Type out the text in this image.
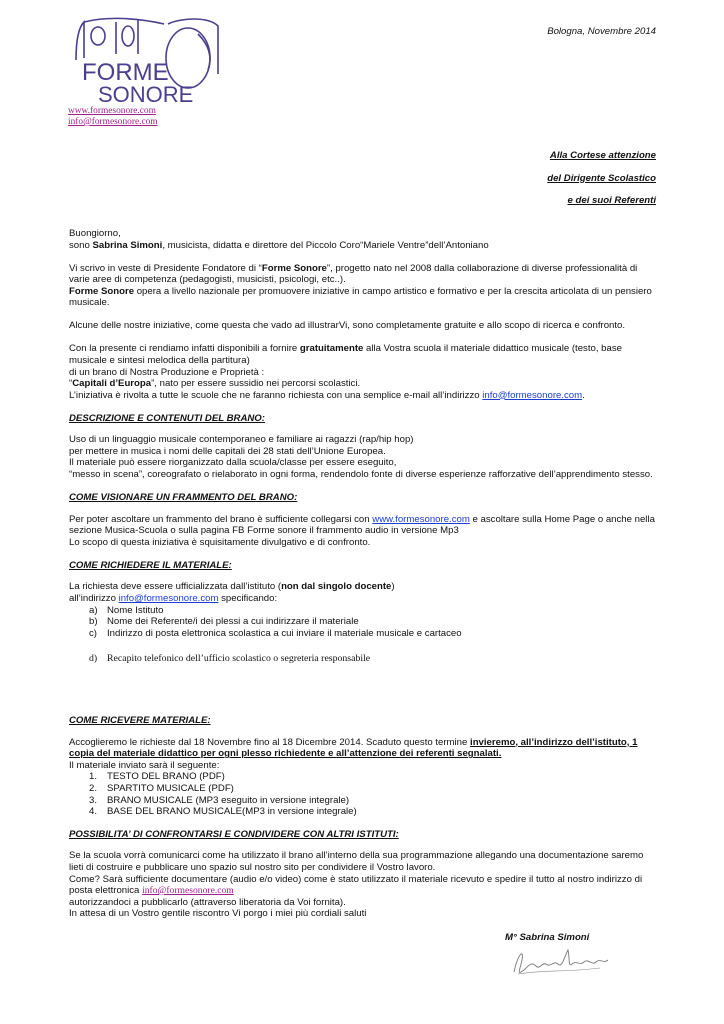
FORME
SONORE
www.formesonore.com
info@formesonore.com
Bologna, Novembre 2014
Alla Cortese attenzione
del Dirigente Scolastico
e dei suoi Referenti

Buongiorno,
sono Sabrina Simoni, musicista, didatta e direttore del Piccolo Coro“Mariele Ventre”dell’Antoniano

Vi scrivo in veste di Presidente Fondatore di “Forme Sonore”, progetto nato nel 2008 dalla collaborazione di diverse professionalità di varie aree di competenza (pedagogisti, musicisti, psicologi, etc..).
Forme Sonore opera a livello nazionale per promuovere iniziative in campo artistico e formativo e per la crescita articolata di un pensiero musicale.

Alcune delle nostre iniziative, come questa che vado ad illustrarVi, sono completamente gratuite e allo scopo di ricerca e confronto.

Con la presente ci rendiamo infatti disponibili a fornire gratuitamente alla Vostra scuola il materiale didattico musicale (testo, base musicale e sintesi melodica della partitura)
di un brano di Nostra Produzione e Proprietà :
“Capitali d’Europa”, nato per essere sussidio nei percorsi scolastici.
L’iniziativa è rivolta a tutte le scuole che ne faranno richiesta con una semplice e-mail all’indirizzo info@formesonore.com.

DESCRIZIONE E CONTENUTI DEL BRANO:

Uso di un linguaggio musicale contemporaneo e familiare ai ragazzi (rap/hip hop)
per mettere in musica i nomi delle capitali dei 28 stati dell’Unione Europea.
Il materiale può essere riorganizzato dalla scuola/classe per essere eseguito,
“messo in scena”, coreografato o rielaborato in ogni forma, rendendolo fonte di diverse esperienze rafforzative dell’apprendimento stesso.

COME VISIONARE UN FRAMMENTO DEL BRANO:

Per poter ascoltare un frammento del brano è sufficiente collegarsi con www.formesonore.com e ascoltare sulla Home Page o anche nella sezione Musica-Scuola o sulla pagina FB Forme sonore il frammento audio in versione Mp3
Lo scopo di questa iniziativa è squisitamente divulgativo e di confronto.

COME RICHIEDERE IL MATERIALE:

La richiesta deve essere ufficializzata dall’istituto (non dal singolo docente)
all’indirizzo info@formesonore.com specificando:
a) Nome Istituto
b) Nome dei Referente/i dei plessi a cui indirizzare il materiale
c) Indirizzo di posta elettronica scolastica a cui inviare il materiale musicale e cartaceo
d) Recapito telefonico dell’ufficio scolastico o segreteria responsabile

COME RICEVERE MATERIALE:

Accoglieremo le richieste dal 18 Novembre fino al 18 Dicembre 2014. Scaduto questo termine invieremo, all’indirizzo dell’istituto, 1 copia del materiale didattico per ogni plesso richiedente e all’attenzione dei referenti segnalati.
Il materiale inviato sarà il seguente:
1. TESTO DEL BRANO (PDF)
2. SPARTITO MUSICALE (PDF)
3. BRANO MUSICALE (MP3 eseguito in versione integrale)
4. BASE DEL BRANO MUSICALE(MP3 in versione integrale)

POSSIBILITA’ DI CONFRONTARSI E CONDIVIDERE CON ALTRI ISTITUTI:

Se la scuola vorrà comunicarci come ha utilizzato il brano all’interno della sua programmazione allegando una documentazione saremo lieti di costruire e pubblicare uno spazio sul nostro sito per condividere il Vostro lavoro.
Come? Sarà sufficiente documentare (audio e/o video) come è stato utilizzato il materiale ricevuto e spedire il tutto al nostro indirizzo di posta elettronica info@formesonore.com
autorizzandoci a pubblicarlo (attraverso liberatoria da Voi fornita).
In attesa di un Vostro gentile riscontro Vi porgo i miei più cordiali saluti

M° Sabrina Simoni
